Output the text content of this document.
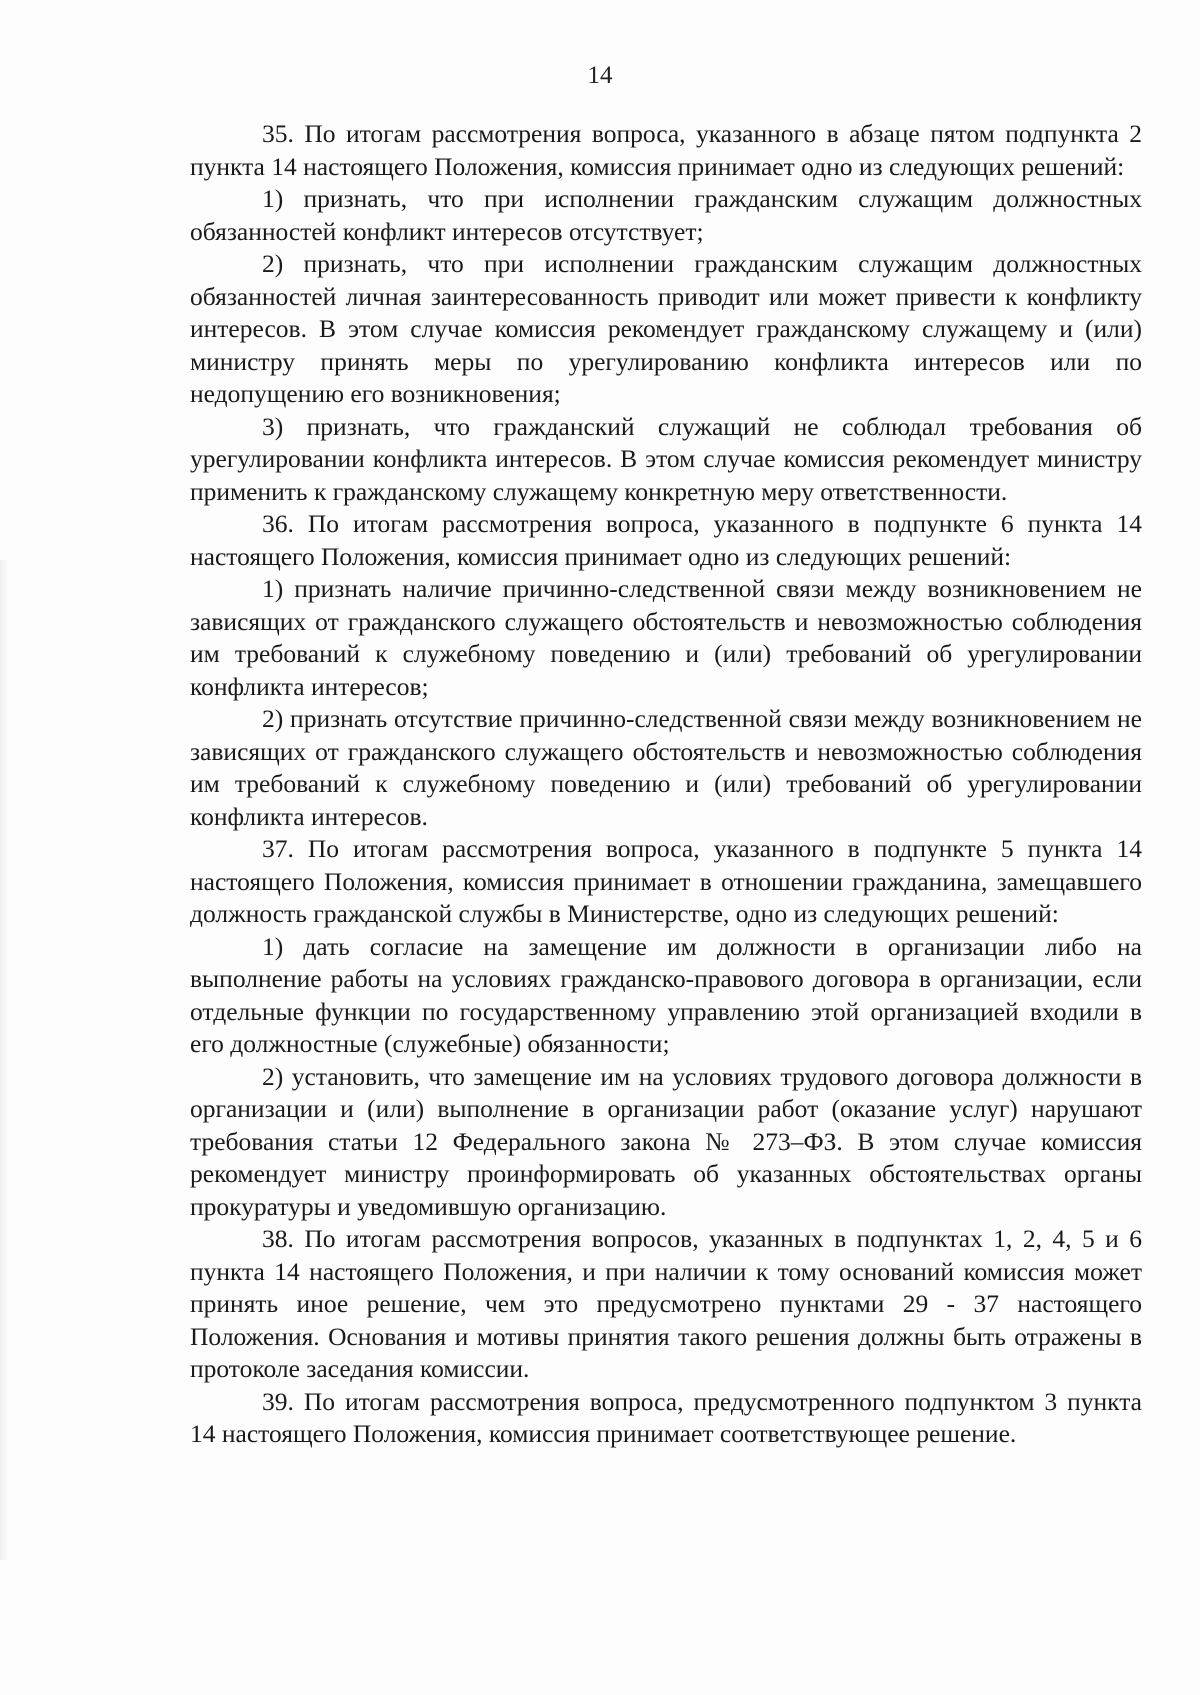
14

35. По итогам рассмотрения вопроса, указанного в абзаце пятом подпункта 2 пункта 14 настоящего Положения, комиссия принимает одно из следующих решений:

1) признать, что при исполнении гражданским служащим должностных обязанностей конфликт интересов отсутствует;

2) признать, что при исполнении гражданским служащим должностных обязанностей личная заинтересованность приводит или может привести к конфликту интересов. В этом случае комиссия рекомендует гражданскому служащему и (или) министру принять меры по урегулированию конфликта интересов или по недопущению его возникновения;

3) признать, что гражданский служащий не соблюдал требования об урегулировании конфликта интересов. В этом случае комиссия рекомендует министру применить к гражданскому служащему конкретную меру ответственности.

36. По итогам рассмотрения вопроса, указанного в подпункте 6 пункта 14 настоящего Положения, комиссия принимает одно из следующих решений:

1) признать наличие причинно-следственной связи между возникновением не зависящих от гражданского служащего обстоятельств и невозможностью соблюдения им требований к служебному поведению и (или) требований об урегулировании конфликта интересов;

2) признать отсутствие причинно-следственной связи между возникновением не зависящих от гражданского служащего обстоятельств и невозможностью соблюдения им требований к служебному поведению и (или) требований об урегулировании конфликта интересов.

37. По итогам рассмотрения вопроса, указанного в подпункте 5 пункта 14 настоящего Положения, комиссия принимает в отношении гражданина, замещавшего должность гражданской службы в Министерстве, одно из следующих решений:

1) дать согласие на замещение им должности в организации либо на выполнение работы на условиях гражданско-правового договора в организации, если отдельные функции по государственному управлению этой организацией входили в его должностные (служебные) обязанности;

2) установить, что замещение им на условиях трудового договора должности в организации и (или) выполнение в организации работ (оказание услуг) нарушают требования статьи 12 Федерального закона № 273–ФЗ. В этом случае комиссия рекомендует министру проинформировать об указанных обстоятельствах органы прокуратуры и уведомившую организацию.

38. По итогам рассмотрения вопросов, указанных в подпунктах 1, 2, 4, 5 и 6 пункта 14 настоящего Положения, и при наличии к тому оснований комиссия может принять иное решение, чем это предусмотрено пунктами 29 - 37 настоящего Положения. Основания и мотивы принятия такого решения должны быть отражены в протоколе заседания комиссии.

39. По итогам рассмотрения вопроса, предусмотренного подпунктом 3 пункта 14 настоящего Положения, комиссия принимает соответствующее решение.
